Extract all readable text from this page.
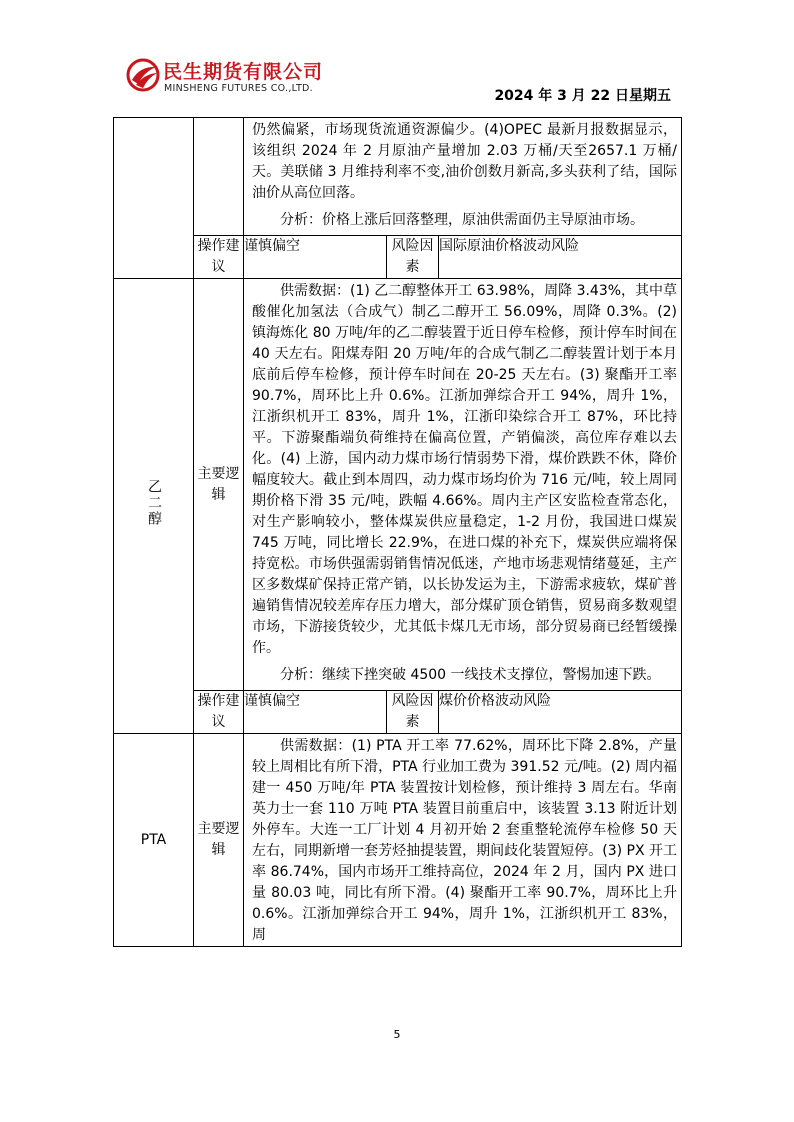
民生期货有限公司
MINSHENG FUTURES CO.,LTD.	2024 年 3 月 22 日星期五

		仍然偏紧，市场现货流通资源偏少。(4)OPEC 最新月报数据显示，该组织 2024 年 2 月原油产量增加 2.03 万桶/天至2657.1 万桶/天。美联储 3 月维持利率不变,油价创数月新高,多头获利了结，国际油价从高位回落。

分析：价格上涨后回落整理，原油供需面仍主导原油市场。		

	操作建议	谨慎偏空	风险因素	国际原油价格波动风险
乙二醇	主要逻辑	供需数据：(1) 乙二醇整体开工 63.98%，周降 3.43%，其中草酸催化加氢法（合成气）制乙二醇开工 56.09%，周降 0.3%。(2) 镇海炼化 80 万吨/年的乙二醇装置于近日停车检修，预计停车时间在 40 天左右。阳煤寿阳 20 万吨/年的合成气制乙二醇装置计划于本月底前后停车检修，预计停车时间在 20-25 天左右。(3) 聚酯开工率 90.7%，周环比上升 0.6%。江浙加弹综合开工 94%，周升 1%，江浙织机开工 83%，周升 1%，江浙印染综合开工 87%，环比持平。下游聚酯端负荷维持在偏高位置，产销偏淡，高位库存难以去化。(4) 上游，国内动力煤市场行情弱势下滑，煤价跌跌不休，降价幅度较大。截止到本周四，动力煤市场均价为 716 元/吨，较上周同期价格下滑 35 元/吨，跌幅 4.66%。周内主产区安监检查常态化，对生产影响较小，整体煤炭供应量稳定，1-2 月份，我国进口煤炭 745 万吨，同比增长 22.9%，在进口煤的补充下，煤炭供应端将保持宽松。市场供强需弱销售情况低迷，产地市场悲观情绪蔓延，主产区多数煤矿保持正常产销，以长协发运为主，下游需求疲软，煤矿普遍销售情况较差库存压力增大，部分煤矿顶仓销售，贸易商多数观望市场，下游接货较少，尤其低卡煤几无市场，部分贸易商已经暂缓操作。

分析：继续下挫突破 4500 一线技术支撑位，警惕加速下跌。		

	操作建议	谨慎偏空	风险因素	煤价价格波动风险
PTA	主要逻辑	供需数据：(1) PTA 开工率 77.62%，周环比下降 2.8%，产量较上周相比有所下滑，PTA 行业加工费为 391.52 元/吨。(2) 周内福建一 450 万吨/年 PTA 装置按计划检修，预计维持 3 周左右。华南英力士一套 110 万吨 PTA 装置目前重启中，该装置 3.13 附近计划外停车。大连一工厂计划 4 月初开始 2 套重整轮流停车检修 50 天左右，同期新增一套芳烃抽提装置，期间歧化装置短停。(3) PX 开工率 86.74%，国内市场开工维持高位，2024 年 2 月，国内 PX 进口量 80.03 吨，同比有所下滑。(4) 聚酯开工率 90.7%，周环比上升 0.6%。江浙加弹综合开工 94%，周升 1%，江浙织机开工 83%，周		

5
